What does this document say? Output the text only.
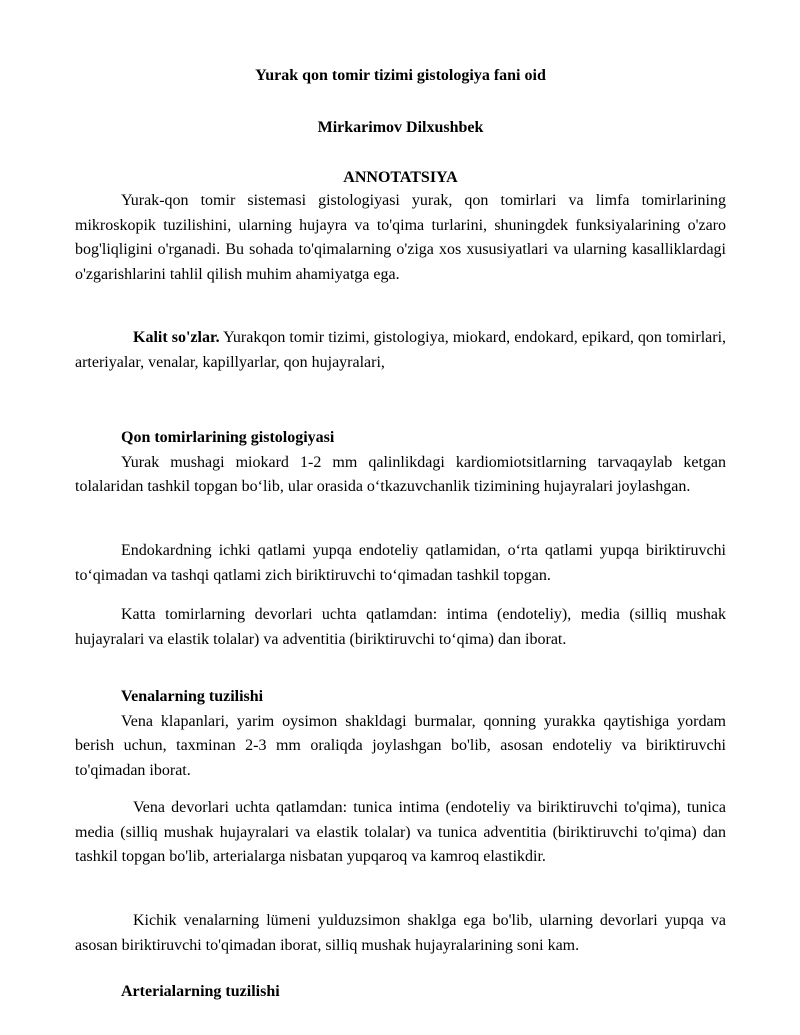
Yurak qon tomir tizimi gistologiya fani oid

Mirkarimov Dilxushbek

ANNOTATSIYA

Yurak-qon tomir sistemasi gistologiyasi yurak, qon tomirlari va limfa tomirlarining mikroskopik tuzilishini, ularning hujayra va to'qima turlarini, shuningdek funksiyalarining o'zaro bog'liqligini o'rganadi. Bu sohada to'qimalarning o'ziga xos xususiyatlari va ularning kasalliklardagi o'zgarishlarini tahlil qilish muhim ahamiyatga ega.

Kalit so'zlar. Yurakqon tomir tizimi, gistologiya, miokard, endokard, epikard, qon tomirlari, arteriyalar, venalar, kapillyarlar, qon hujayralari,

Qon tomirlarining gistologiyasi

Yurak mushagi miokard 1-2 mm qalinlikdagi kardiomiotsitlarning tarvaqaylab ketgan tolalaridan tashkil topgan bo‘lib, ular orasida o‘tkazuvchanlik tizimining hujayralari joylashgan.

Endokardning ichki qatlami yupqa endoteliy qatlamidan, o‘rta qatlami yupqa biriktiruvchi to‘qimadan va tashqi qatlami zich biriktiruvchi to‘qimadan tashkil topgan.

Katta tomirlarning devorlari uchta qatlamdan: intima (endoteliy), media (silliq mushak hujayralari va elastik tolalar) va adventitia (biriktiruvchi to‘qima) dan iborat.

Venalarning tuzilishi

Vena klapanlari, yarim oysimon shakldagi burmalar, qonning yurakka qaytishiga yordam berish uchun, taxminan 2-3 mm oraliqda joylashgan bo'lib, asosan endoteliy va biriktiruvchi to'qimadan iborat.

Vena devorlari uchta qatlamdan: tunica intima (endoteliy va biriktiruvchi to'qima), tunica media (silliq mushak hujayralari va elastik tolalar) va tunica adventitia (biriktiruvchi to'qima) dan tashkil topgan bo'lib, arterialarga nisbatan yupqaroq va kamroq elastikdir.

Kichik venalarning lümeni yulduzsimon shaklga ega bo'lib, ularning devorlari yupqa va asosan biriktiruvchi to'qimadan iborat, silliq mushak hujayralarining soni kam.

Arterialarning tuzilishi
